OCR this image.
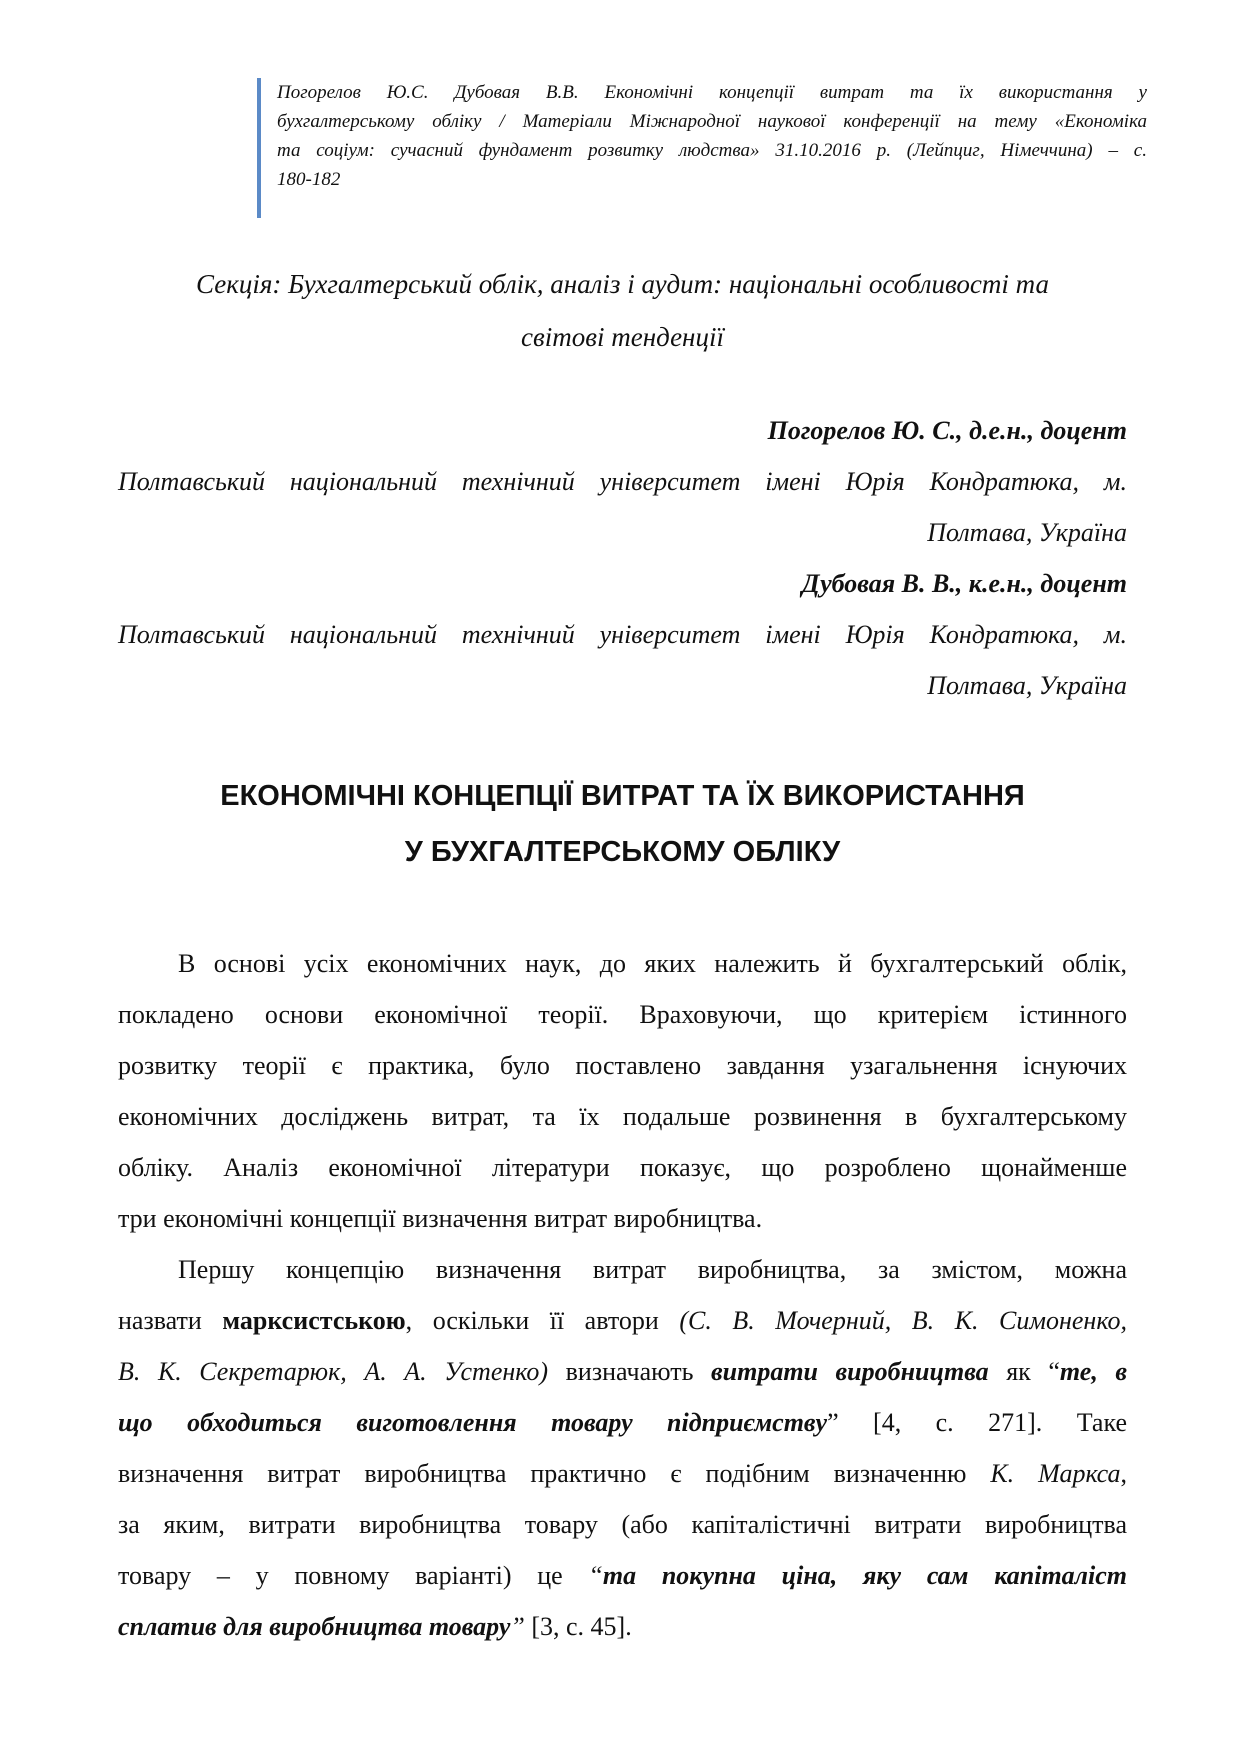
Погорелов Ю.С. Дубовая В.В. Економічні концепції витрат та їх використання у
бухгалтерському обліку / Матеріали Міжнародної наукової конференції на тему «Економіка
та соціум: сучасний фундамент розвитку людства» 31.10.2016 р. (Лейпциг, Німеччина) – с.
180-182
Секція: Бухгалтерський облік, аналіз і аудит: національні особливості та
світові тенденції
Погорелов Ю. С., д.е.н., доцент
Полтавський національний технічний університет імені Юрія Кондратюка, м.
Полтава, Україна
Дубовая В. В., к.е.н., доцент
Полтавський національний технічний університет імені Юрія Кондратюка, м.
Полтава, Україна
ЕКОНОМІЧНІ КОНЦЕПЦІЇ ВИТРАТ ТА ЇХ ВИКОРИСТАННЯ
У БУХГАЛТЕРСЬКОМУ ОБЛІКУ
В основі усіх економічних наук, до яких належить й бухгалтерський облік,
покладено основи економічної теорії. Враховуючи, що критерієм істинного
розвитку теорії є практика, було поставлено завдання узагальнення існуючих
економічних досліджень витрат, та їх подальше розвинення в бухгалтерському
обліку. Аналіз економічної літератури показує, що розроблено щонайменше
три економічні концепції визначення витрат виробництва.
Першу концепцію визначення витрат виробництва, за змістом, можна
назвати марксистською, оскільки її автори (С. В. Мочерний, В. К. Симоненко,
В. К. Секретарюк, А. А. Устенко) визначають витрати виробництва як “те, в
що обходиться виготовлення товару підприємству” [4, с. 271]. Таке
визначення витрат виробництва практично є подібним визначенню К. Маркса,
за яким, витрати виробництва товару (або капіталістичні витрати виробництва
товару – у повному варіанті) це “та покупна ціна, яку сам капіталіст
сплатив для виробництва товару” [3, с. 45].
